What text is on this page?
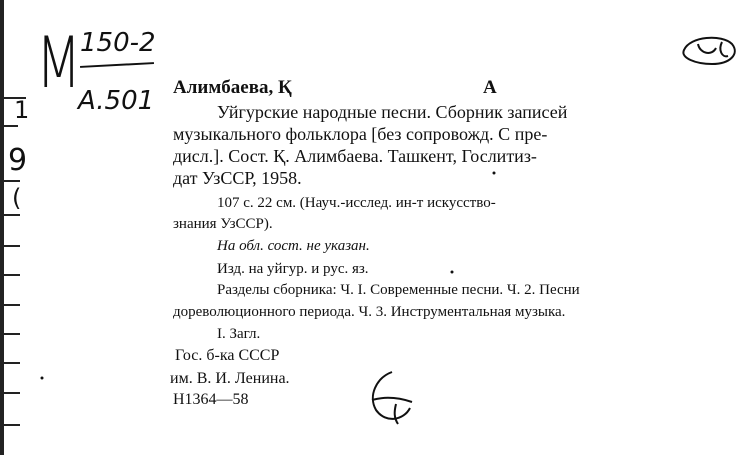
M 150-2
A.501
1
9
(
Алимбаева, Қ	А
Уйгурские народные песни. Сборник записей
музыкального фольклора [без сопровожд. С пре-
дисл.]. Сост. Қ. Алимбаева. Ташкент, Гослитиз-
дат УзССР, 1958.
107 с. 22 см. (Науч.-исслед. ин-т искусство-
знания УзССР).
На обл. сост. не указан.
Изд. на уйгур. и рус. яз.
Разделы сборника: Ч. I. Современные песни. Ч. 2. Песни
дореволюционного периода. Ч. 3. Инструментальная музыка.
I. Загл.
Гос. б-ка СССР
им. В. И. Ленина.
Н1364—58
